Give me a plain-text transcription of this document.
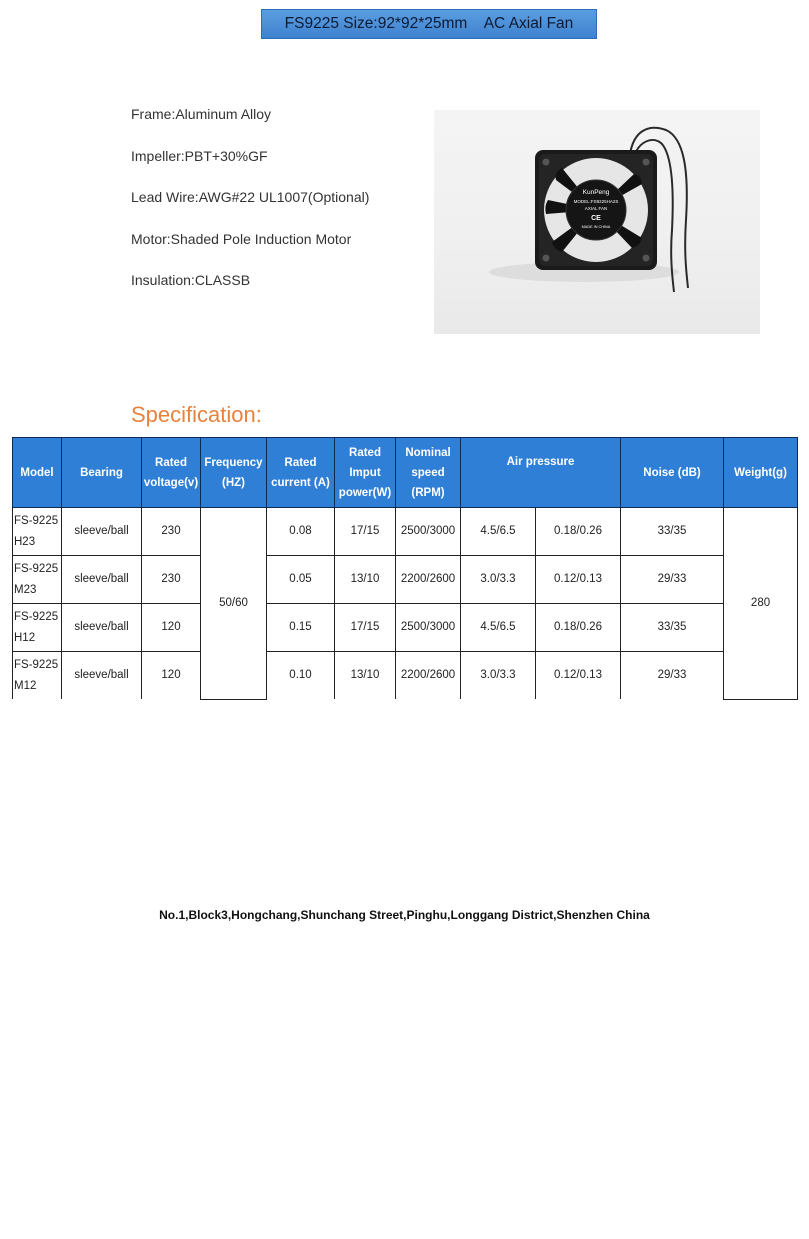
FS9225 Size:92*92*25mm    AC Axial Fan
Frame:Aluminum Alloy
Impeller:PBT+30%GF
Lead Wire:AWG#22 UL1007(Optional)
Motor:Shaded Pole Induction Motor
Insulation:CLASSB
KunPeng
MODEL:FS9225HA2S
AXIAL FAN
CE
MADE IN CHINA
Specification:
Model	Bearing	Rated voltage(v)	Frequency (HZ)	Rated current (A)	Rated Imput power(W)	Nominal speed (RPM)	Air pressure		Noise (dB)	Weight(g)
FS-9225 H23	sleeve/ball	230	50/60	0.08	17/15	2500/3000	4.5/6.5	0.18/0.26	33/35	280
FS-9225 M23	sleeve/ball	230		0.05	13/10	2200/2600	3.0/3.3	0.12/0.13	29/33	
FS-9225 H12	sleeve/ball	120		0.15	17/15	2500/3000	4.5/6.5	0.18/0.26	33/35	
FS-9225 M12	sleeve/ball	120		0.10	13/10	2200/2600	3.0/3.3	0.12/0.13	29/33	
No.1,Block3,Hongchang,Shunchang Street,Pinghu,Longgang District,Shenzhen China
